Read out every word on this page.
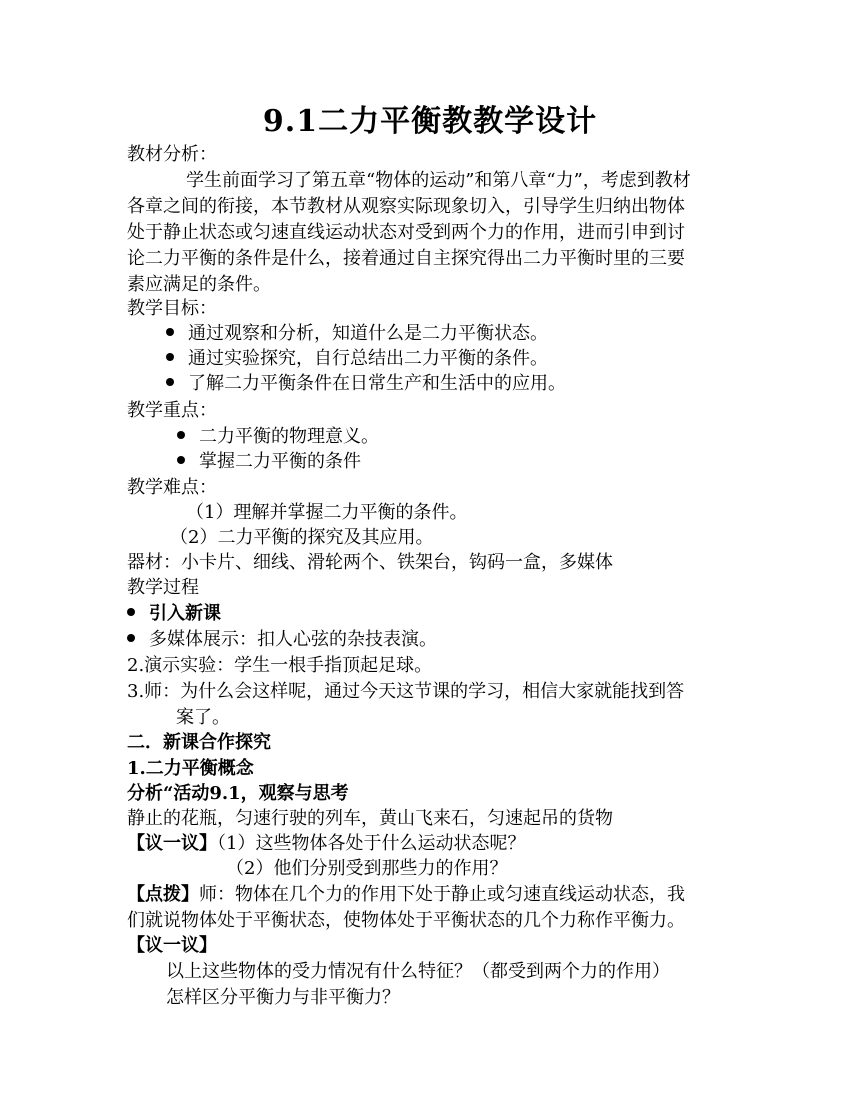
9.1二力平衡教教学设计
教材分析：
学生前面学习了第五章“物体的运动”和第八章“力”，考虑到教材
各章之间的衔接，本节教材从观察实际现象切入，引导学生归纳出物体
处于静止状态或匀速直线运动状态对受到两个力的作用，进而引申到讨
论二力平衡的条件是什么，接着通过自主探究得出二力平衡时里的三要
素应满足的条件。
教学目标：
通过观察和分析，知道什么是二力平衡状态。
通过实验探究，自行总结出二力平衡的条件。
了解二力平衡条件在日常生产和生活中的应用。
教学重点：
二力平衡的物理意义。
掌握二力平衡的条件
教学难点：
（1）理解并掌握二力平衡的条件。
（2）二力平衡的探究及其应用。
器材：小卡片、细线、滑轮两个、铁架台，钩码一盒，多媒体
教学过程
引入新课
多媒体展示：扣人心弦的杂技表演。
2.演示实验：学生一根手指顶起足球。
3.师：为什么会这样呢，通过今天这节课的学习，相信大家就能找到答
案了。
二．新课合作探究
1.二力平衡概念
分析“活动9.1，观察与思考
静止的花瓶，匀速行驶的列车，黄山飞来石，匀速起吊的货物
【议一议】（1）这些物体各处于什么运动状态呢？
（2）他们分别受到那些力的作用？
【点拨】师：物体在几个力的作用下处于静止或匀速直线运动状态，我
们就说物体处于平衡状态，使物体处于平衡状态的几个力称作平衡力。
【议一议】
以上这些物体的受力情况有什么特征？（都受到两个力的作用）
怎样区分平衡力与非平衡力？
